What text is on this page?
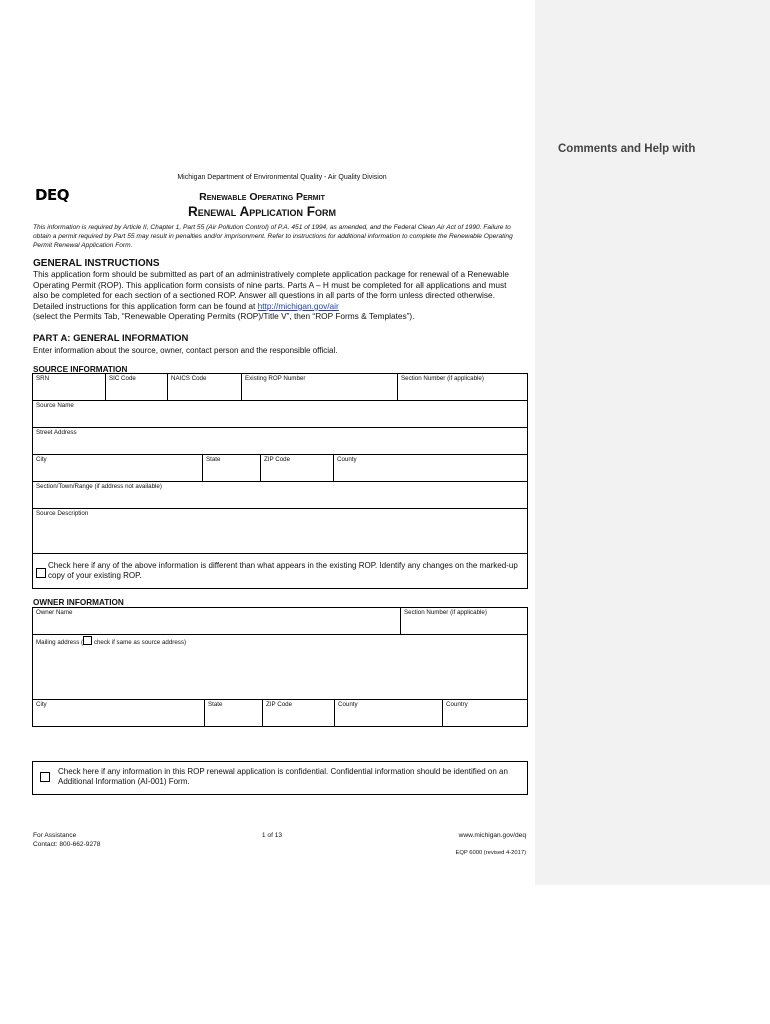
Comments and Help with
Michigan Department of Environmental Quality - Air Quality Division
DEQ	Renewable Operating Permit
Renewal Application Form
This information is required by Article II, Chapter 1, Part 55 (Air Pollution Control) of P.A. 451 of 1994, as amended, and the Federal Clean Air Act of 1990. Failure to obtain a permit required by Part 55 may result in penalties and/or imprisonment. Refer to instructions for additional information to complete the Renewable Operating Permit Renewal Application Form.
GENERAL INSTRUCTIONS
This application form should be submitted as part of an administratively complete application package for renewal of a Renewable Operating Permit (ROP). This application form consists of nine parts. Parts A – H must be completed for all applications and must also be completed for each section of a sectioned ROP. Answer all questions in all parts of the form unless directed otherwise. Detailed instructions for this application form can be found at http://michigan.gov/air
(select the Permits Tab, “Renewable Operating Permits (ROP)/Title V”, then “ROP Forms & Templates”).
PART A: GENERAL INFORMATION
Enter information about the source, owner, contact person and the responsible official.
SOURCE INFORMATION
SRN	SIC Code	NAICS Code	Existing ROP Number	Section Number (if applicable)
Source Name
Street Address
City	State	ZIP Code	County
Section/Town/Range (if address not available)
Source Description
Check here if any of the above information is different than what appears in the existing ROP. Identify any changes on the marked-up copy of your existing ROP.
OWNER INFORMATION
Owner Name	Section Number (if applicable)
Mailing address ( check if same as source address)
City	State	ZIP Code	County	Country
Check here if any information in this ROP renewal application is confidential. Confidential information should be identified on an Additional Information (AI-001) Form.
For Assistance
Contact: 800-662-9278
1 of 13	www.michigan.gov/deq
EQP 6000 (revised 4-2017)
